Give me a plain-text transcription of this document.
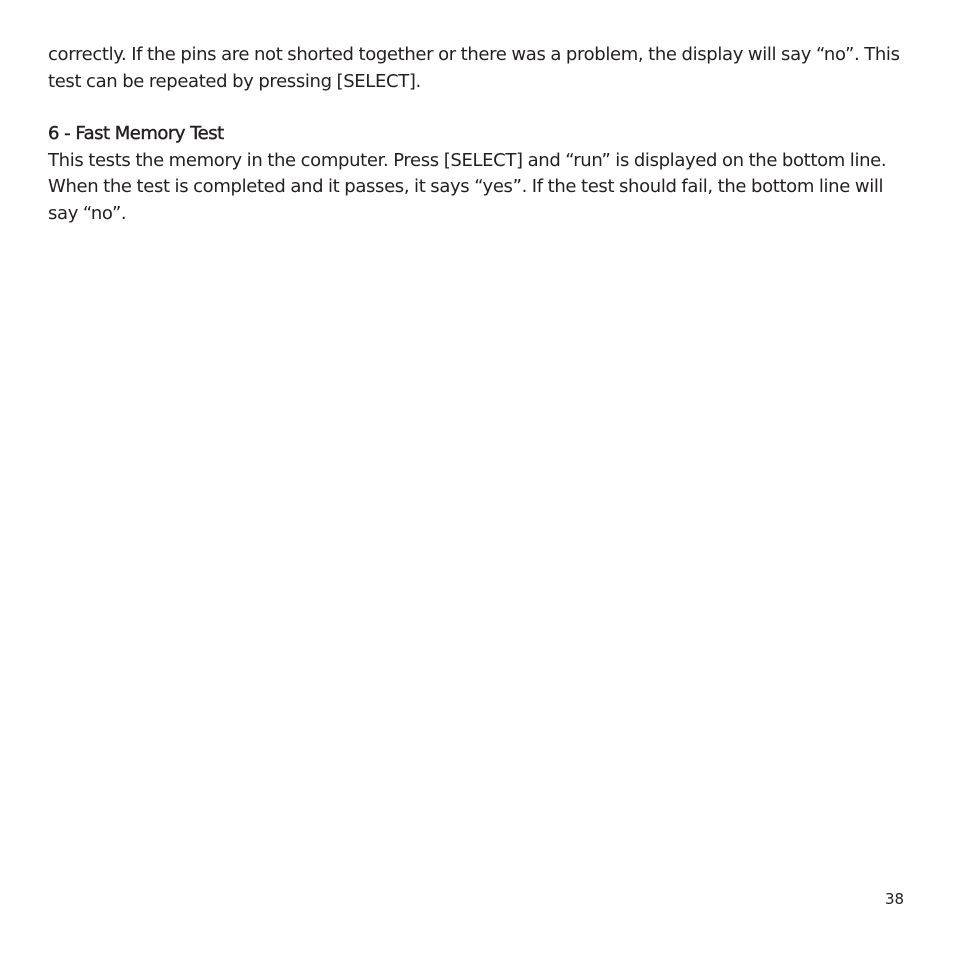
correctly. If the pins are not shorted together or there was a problem, the display will say “no”. This test can be repeated by pressing [SELECT].

6 - Fast Memory Test

This tests the memory in the computer. Press [SELECT] and “run” is displayed on the bottom line. When the test is completed and it passes, it says “yes”. If the test should fail, the bottom line will say “no”.

38
